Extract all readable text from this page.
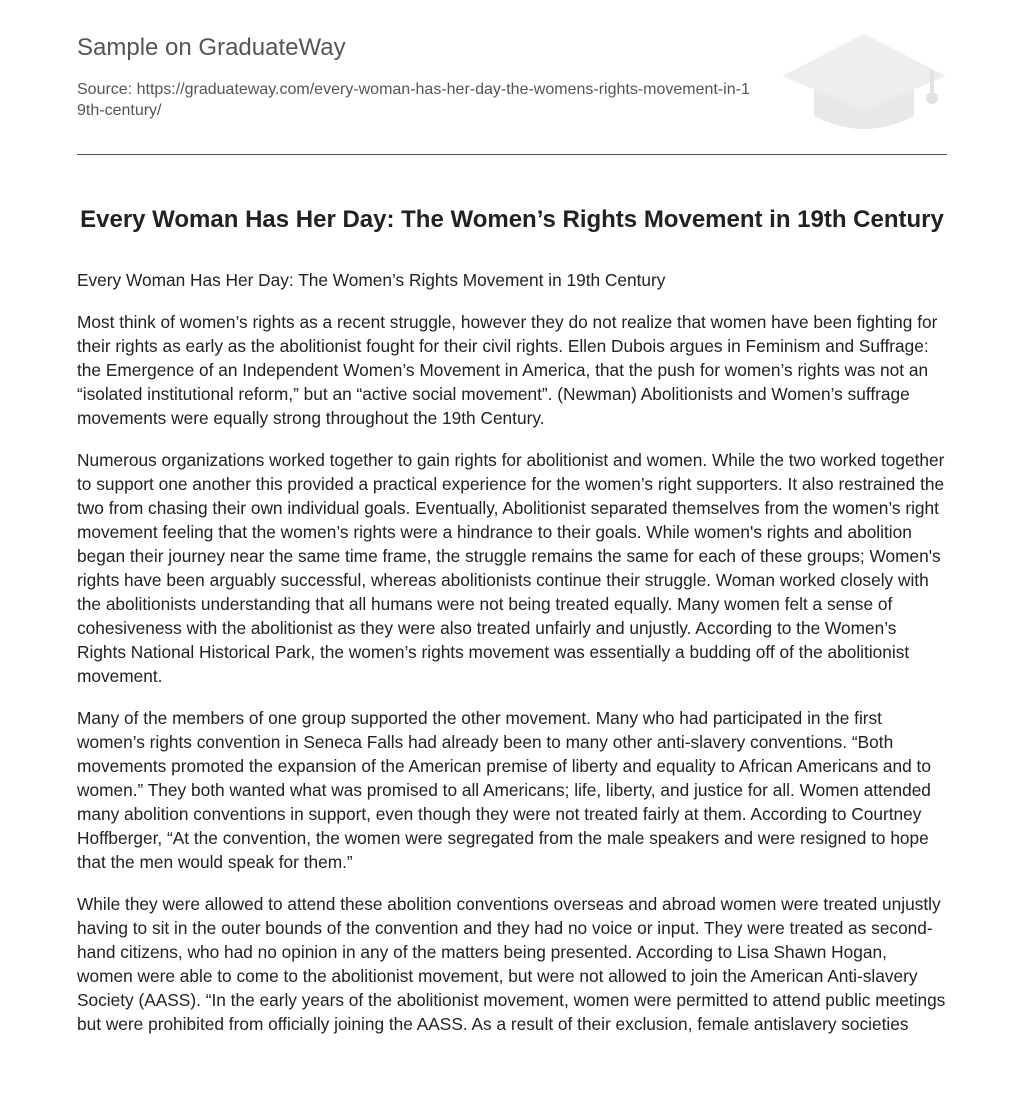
Sample on GraduateWay
Source: https://graduateway.com/every-woman-has-her-day-the-womens-rights-movement-in-19th-century/
Every Woman Has Her Day: The Women’s Rights Movement in 19th Century

Every Woman Has Her Day: The Women’s Rights Movement in 19th Century

Most think of women’s rights as a recent struggle, however they do not realize that women have been fighting for their rights as early as the abolitionist fought for their civil rights. Ellen Dubois argues in Feminism and Suffrage: the Emergence of an Independent Women’s Movement in America, that the push for women’s rights was not an “isolated institutional reform,” but an “active social movement”. (Newman) Abolitionists and Women’s suffrage movements were equally strong throughout the 19th Century.

Numerous organizations worked together to gain rights for abolitionist and women. While the two worked together to support one another this provided a practical experience for the women’s right supporters. It also restrained the two from chasing their own individual goals. Eventually, Abolitionist separated themselves from the women’s right movement feeling that the women’s rights were a hindrance to their goals. While women's rights and abolition began their journey near the same time frame, the struggle remains the same for each of these groups; Women's rights have been arguably successful, whereas abolitionists continue their struggle. Woman worked closely with the abolitionists understanding that all humans were not being treated equally. Many women felt a sense of cohesiveness with the abolitionist as they were also treated unfairly and unjustly. According to the Women’s Rights National Historical Park, the women’s rights movement was essentially a budding off of the abolitionist movement.

Many of the members of one group supported the other movement. Many who had participated in the first women’s rights convention in Seneca Falls had already been to many other anti-slavery conventions. “Both movements promoted the expansion of the American premise of liberty and equality to African Americans and to women.” They both wanted what was promised to all Americans; life, liberty, and justice for all. Women attended many abolition conventions in support, even though they were not treated fairly at them. According to Courtney Hoffberger, “At the convention, the women were segregated from the male speakers and were resigned to hope that the men would speak for them.”

While they were allowed to attend these abolition conventions overseas and abroad women were treated unjustly having to sit in the outer bounds of the convention and they had no voice or input. They were treated as second-hand citizens, who had no opinion in any of the matters being presented. According to Lisa Shawn Hogan, women were able to come to the abolitionist movement, but were not allowed to join the American Anti-slavery Society (AASS). “In the early years of the abolitionist movement, women were permitted to attend public meetings but were prohibited from officially joining the AASS. As a result of their exclusion, female antislavery societies
